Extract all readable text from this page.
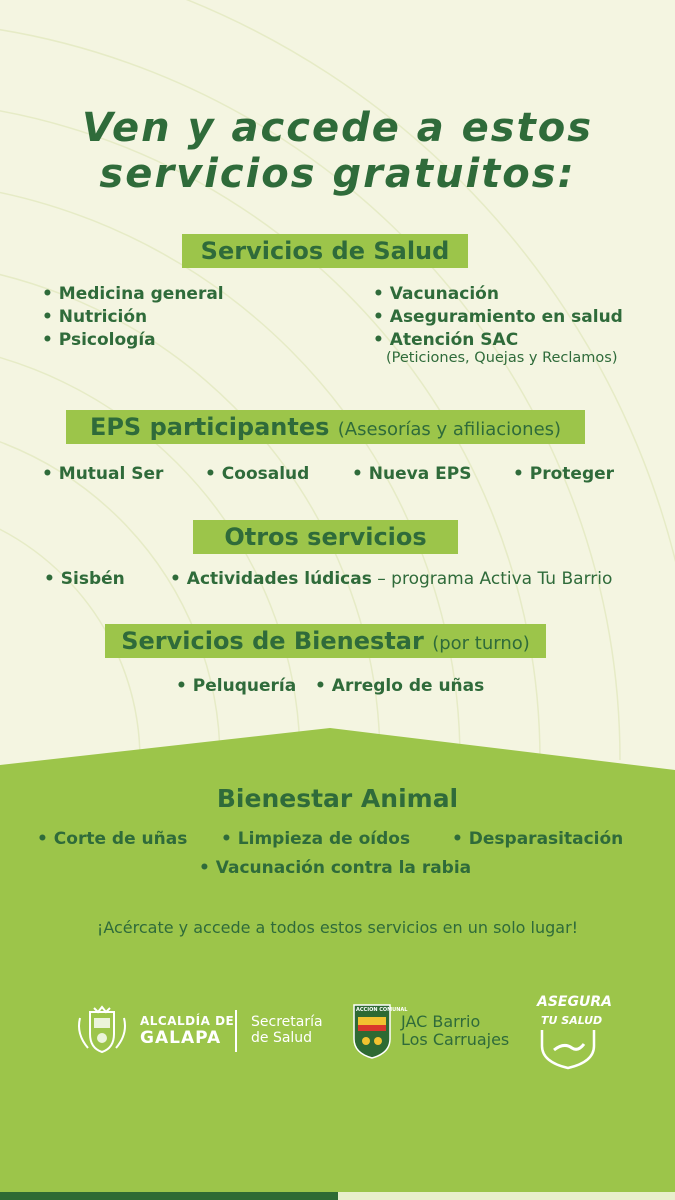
Ven y accede a estos
servicios gratuitos:
Servicios de Salud
• Medicina general
• Nutrición
• Psicología
• Vacunación
• Aseguramiento en salud
• Atención SAC
(Peticiones, Quejas y Reclamos)
EPS participantes (Asesorías y afiliaciones)
• Mutual Ser • Coosalud	• Nueva EPS • Proteger
Otros servicios
• Sisbén	• Actividades lúdicas – programa Activa Tu Barrio
Servicios de Bienestar (por turno)
• Peluquería • Arreglo de uñas
Bienestar Animal
• Corte de uñas • Limpieza de oídos • Desparasitación
• Vacunación contra la rabia
¡Acércate y accede a todos estos servicios en un solo lugar!
ALCALDÍA DE
GALAPA
Secretaría
de Salud
ACCION COMUNAL
JAC Barrio
Los Carruajes
ASEGURA
TU SALUD
